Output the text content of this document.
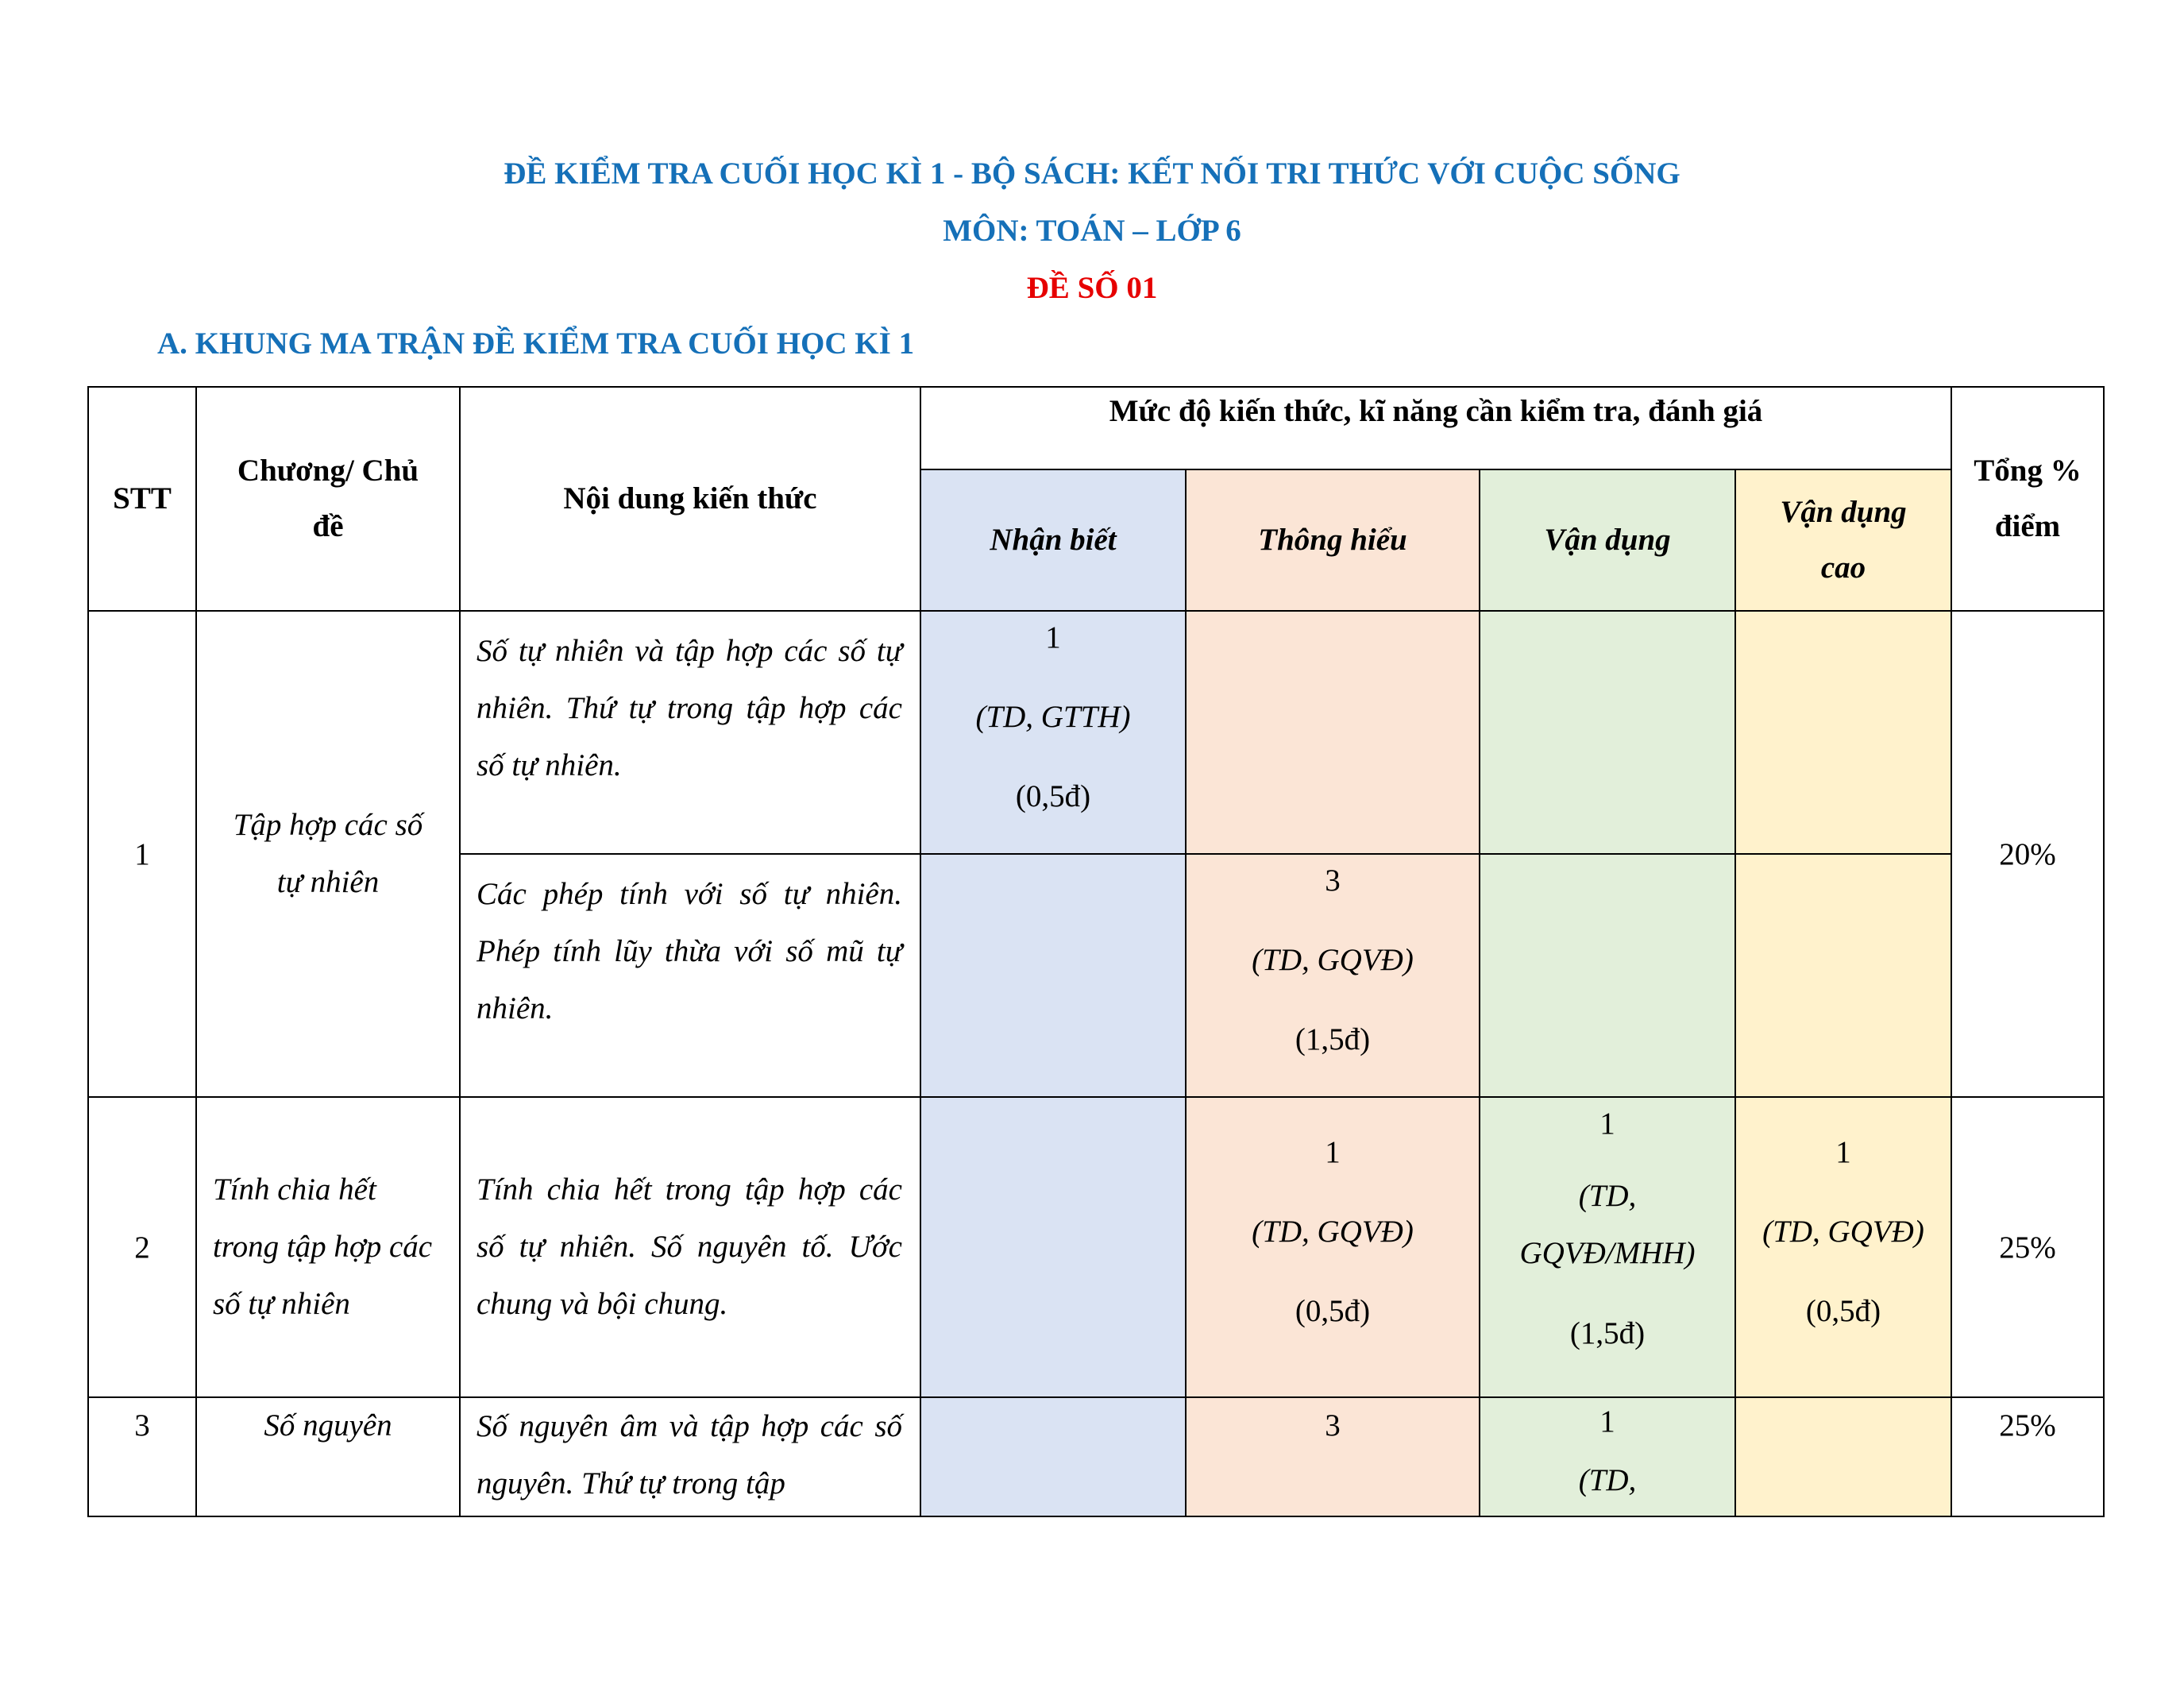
ĐỀ KIỂM TRA CUỐI HỌC KÌ 1 - BỘ SÁCH: KẾT NỐI TRI THỨC VỚI CUỘC SỐNG
MÔN: TOÁN – LỚP 6
ĐỀ SỐ 01
A. KHUNG MA TRẬN ĐỀ KIỂM TRA CUỐI HỌC KÌ 1
STT	Chương/ Chủ đề	Nội dung kiến thức	Mức độ kiến thức, kĩ năng cần kiểm tra, đánh giá				Tổng % điểm
			Nhận biết	Thông hiểu	Vận dụng	Vận dụng cao	
1	Tập hợp các số tự nhiên	Số tự nhiên và tập hợp các số tự nhiên. Thứ tự trong tập hợp các số tự nhiên.	1
(TD, GTTH)
(0,5đ)				20%
		Các phép tính với số tự nhiên. Phép tính lũy thừa với số mũ tự nhiên.		3
(TD, GQVĐ)
(1,5đ)			

2	Tính chia hết trong tập hợp các số tự nhiên	Tính chia hết trong tập hợp các số tự nhiên. Số nguyên tố. Ước chung và bội chung.		1
(TD, GQVĐ)
(0,5đ)	1
(TD, GQVĐ/MHH)
(1,5đ)	1
(TD, GQVĐ)
(0,5đ)	25%
3	Số nguyên	Số nguyên âm và tập hợp các số nguyên. Thứ tự trong tập		3	1
(TD,		25%
